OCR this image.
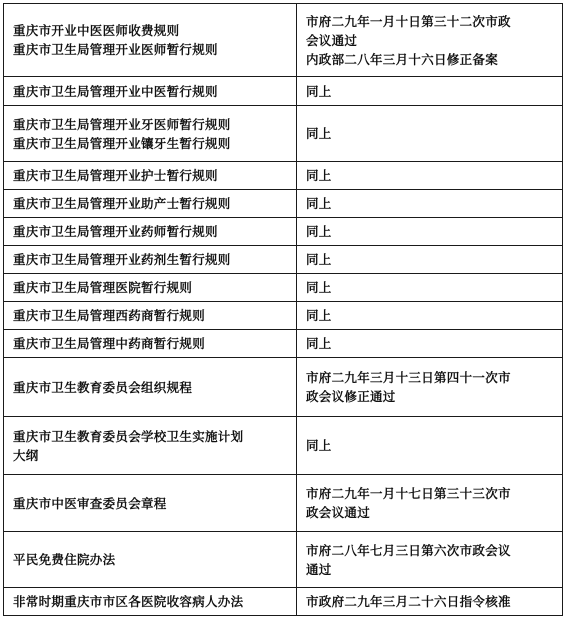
重庆市开业中医医师收费规则
重庆市卫生局管理开业医师暂行规则	市府二九年一月十日第三十二次市政
会议通过
内政部二八年三月十六日修正备案

重庆市卫生局管理开业中医暂行规则	同上

重庆市卫生局管理开业牙医师暂行规则
重庆市卫生局管理开业镶牙生暂行规则	同上

重庆市卫生局管理开业护士暂行规则	同上

重庆市卫生局管理开业助产士暂行规则	同上

重庆市卫生局管理开业药师暂行规则	同上

重庆市卫生局管理开业药剂生暂行规则	同上

重庆市卫生局管理医院暂行规则	同上

重庆市卫生局管理西药商暂行规则	同上

重庆市卫生局管理中药商暂行规则	同上

重庆市卫生教育委员会组织规程	市府二九年三月十三日第四十一次市
政会议修正通过

重庆市卫生教育委员会学校卫生实施计划
大纲	同上

重庆市中医审查委员会章程	市府二九年一月十七日第三十三次市
政会议通过

平民免费住院办法	市府二八年七月三日第六次市政会议
通过

非常时期重庆市市区各医院收容病人办法	市政府二九年三月二十六日指令核准
